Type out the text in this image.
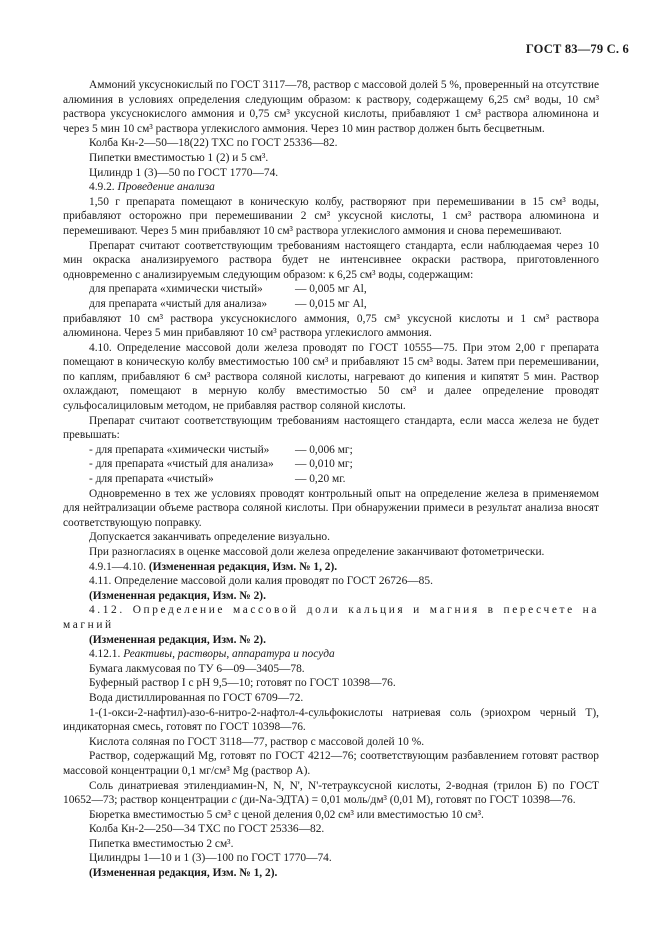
ГОСТ 83—79 С. 6

Аммоний уксуснокислый по ГОСТ 3117—78, раствор с массовой долей 5 %, проверенный на отсутствие алюминия в условиях определения следующим образом: к раствору, содержащему 6,25 см³ воды, 10 см³ раствора уксуснокислого аммония и 0,75 см³ уксусной кислоты, прибавляют 1 см³ раствора алюминона и через 5 мин 10 см³ раствора углекислого аммония. Через 10 мин раствор должен быть бесцветным.

Колба Кн-2—50—18(22) ТХС по ГОСТ 25336—82.

Пипетки вместимостью 1 (2) и 5 см³.

Цилиндр 1 (3)—50 по ГОСТ 1770—74.

4.9.2. Проведение анализа

1,50 г препарата помещают в коническую колбу, растворяют при перемешивании в 15 см³ воды, прибавляют осторожно при перемешивании 2 см³ уксусной кислоты, 1 см³ раствора алюминона и перемешивают. Через 5 мин прибавляют 10 см³ раствора углекислого аммония и снова перемешивают.

Препарат считают соответствующим требованиям настоящего стандарта, если наблюдаемая через 10 мин окраска анализируемого раствора будет не интенсивнее окраски раствора, приготовленного одновременно с анализируемым следующим образом: к 6,25 см³ воды, содержащим:

для препарата «химически чистый»	— 0,005 мг Al,
для препарата «чистый для анализа»	— 0,015 мг Al,

прибавляют 10 см³ раствора уксуснокислого аммония, 0,75 см³ уксусной кислоты и 1 см³ раствора алюминона. Через 5 мин прибавляют 10 см³ раствора углекислого аммония.

4.10. Определение массовой доли железа проводят по ГОСТ 10555—75. При этом 2,00 г препарата помещают в коническую колбу вместимостью 100 см³ и прибавляют 15 см³ воды. Затем при перемешивании, по каплям, прибавляют 6 см³ раствора соляной кислоты, нагревают до кипения и кипятят 5 мин. Раствор охлаждают, помещают в мерную колбу вместимостью 50 см³ и далее определение проводят сульфосалициловым методом, не прибавляя раствор соляной кислоты.

Препарат считают соответствующим требованиям настоящего стандарта, если масса железа не будет превышать:

- для препарата «химически чистый»	— 0,006 мг;
- для препарата «чистый для анализа»	— 0,010 мг;
- для препарата «чистый»	— 0,20 мг.

Одновременно в тех же условиях проводят контрольный опыт на определение железа в применяемом для нейтрализации объеме раствора соляной кислоты. При обнаружении примеси в результат анализа вносят соответствующую поправку.

Допускается заканчивать определение визуально.

При разногласиях в оценке массовой доли железа определение заканчивают фотометрически.

4.9.1—4.10. (Измененная редакция, Изм. № 1, 2).

4.11. Определение массовой доли калия проводят по ГОСТ 26726—85.

(Измененная редакция, Изм. № 2).

4.12. Определение массовой доли кальция и магния в пересчете на магний

(Измененная редакция, Изм. № 2).

4.12.1. Реактивы, растворы, аппаратура и посуда

Бумага лакмусовая по ТУ 6—09—3405—78.

Буферный раствор I с рН 9,5—10; готовят по ГОСТ 10398—76.

Вода дистиллированная по ГОСТ 6709—72.

1-(1-окси-2-нафтил)-азо-6-нитро-2-нафтол-4-сульфокислоты натриевая соль (эриохром черный Т), индикаторная смесь, готовят по ГОСТ 10398—76.

Кислота соляная по ГОСТ 3118—77, раствор с массовой долей 10 %.

Раствор, содержащий Mg, готовят по ГОСТ 4212—76; соответствующим разбавлением готовят раствор массовой концентрации 0,1 мг/см³ Mg (раствор А).

Соль динатриевая этилендиамин-N, N, N', N'-тетрауксусной кислоты, 2-водная (трилон Б) по ГОСТ 10652—73; раствор концентрации c (ди-Na-ЭДТА) = 0,01 моль/дм³ (0,01 М), готовят по ГОСТ 10398—76.

Бюретка вместимостью 5 см³ с ценой деления 0,02 см³ или вместимостью 10 см³.

Колба Кн-2—250—34 ТХС по ГОСТ 25336—82.

Пипетка вместимостью 2 см³.

Цилиндры 1—10 и 1 (3)—100 по ГОСТ 1770—74.

(Измененная редакция, Изм. № 1, 2).
